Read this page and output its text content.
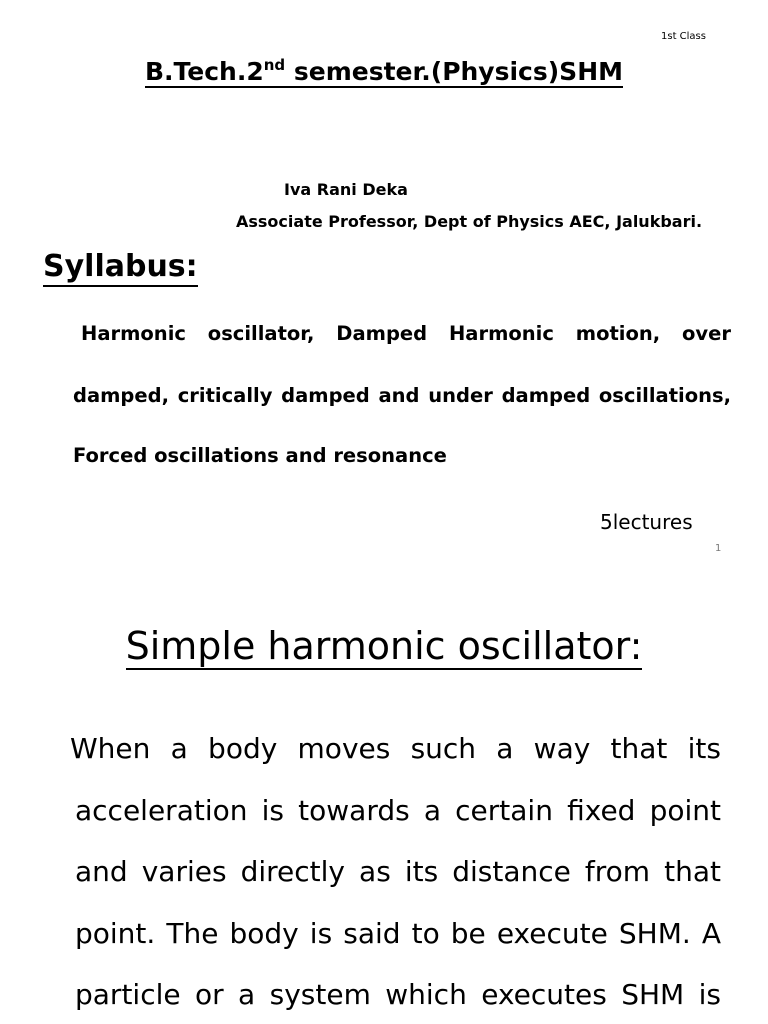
1st Class

B.Tech.2nd semester.(Physics)SHM

Iva Rani Deka

Associate Professor, Dept of Physics AEC, Jalukbari.

Syllabus:

Harmonic oscillator, Damped Harmonic motion, over

damped, critically damped and under damped oscillations,

Forced oscillations and resonance

5lectures

1

Simple harmonic oscillator:

When a body moves such a way that its

acceleration is towards a certain fixed point

and varies directly as its distance from that

point. The body is said to be execute SHM. A

particle or a system which executes SHM is
